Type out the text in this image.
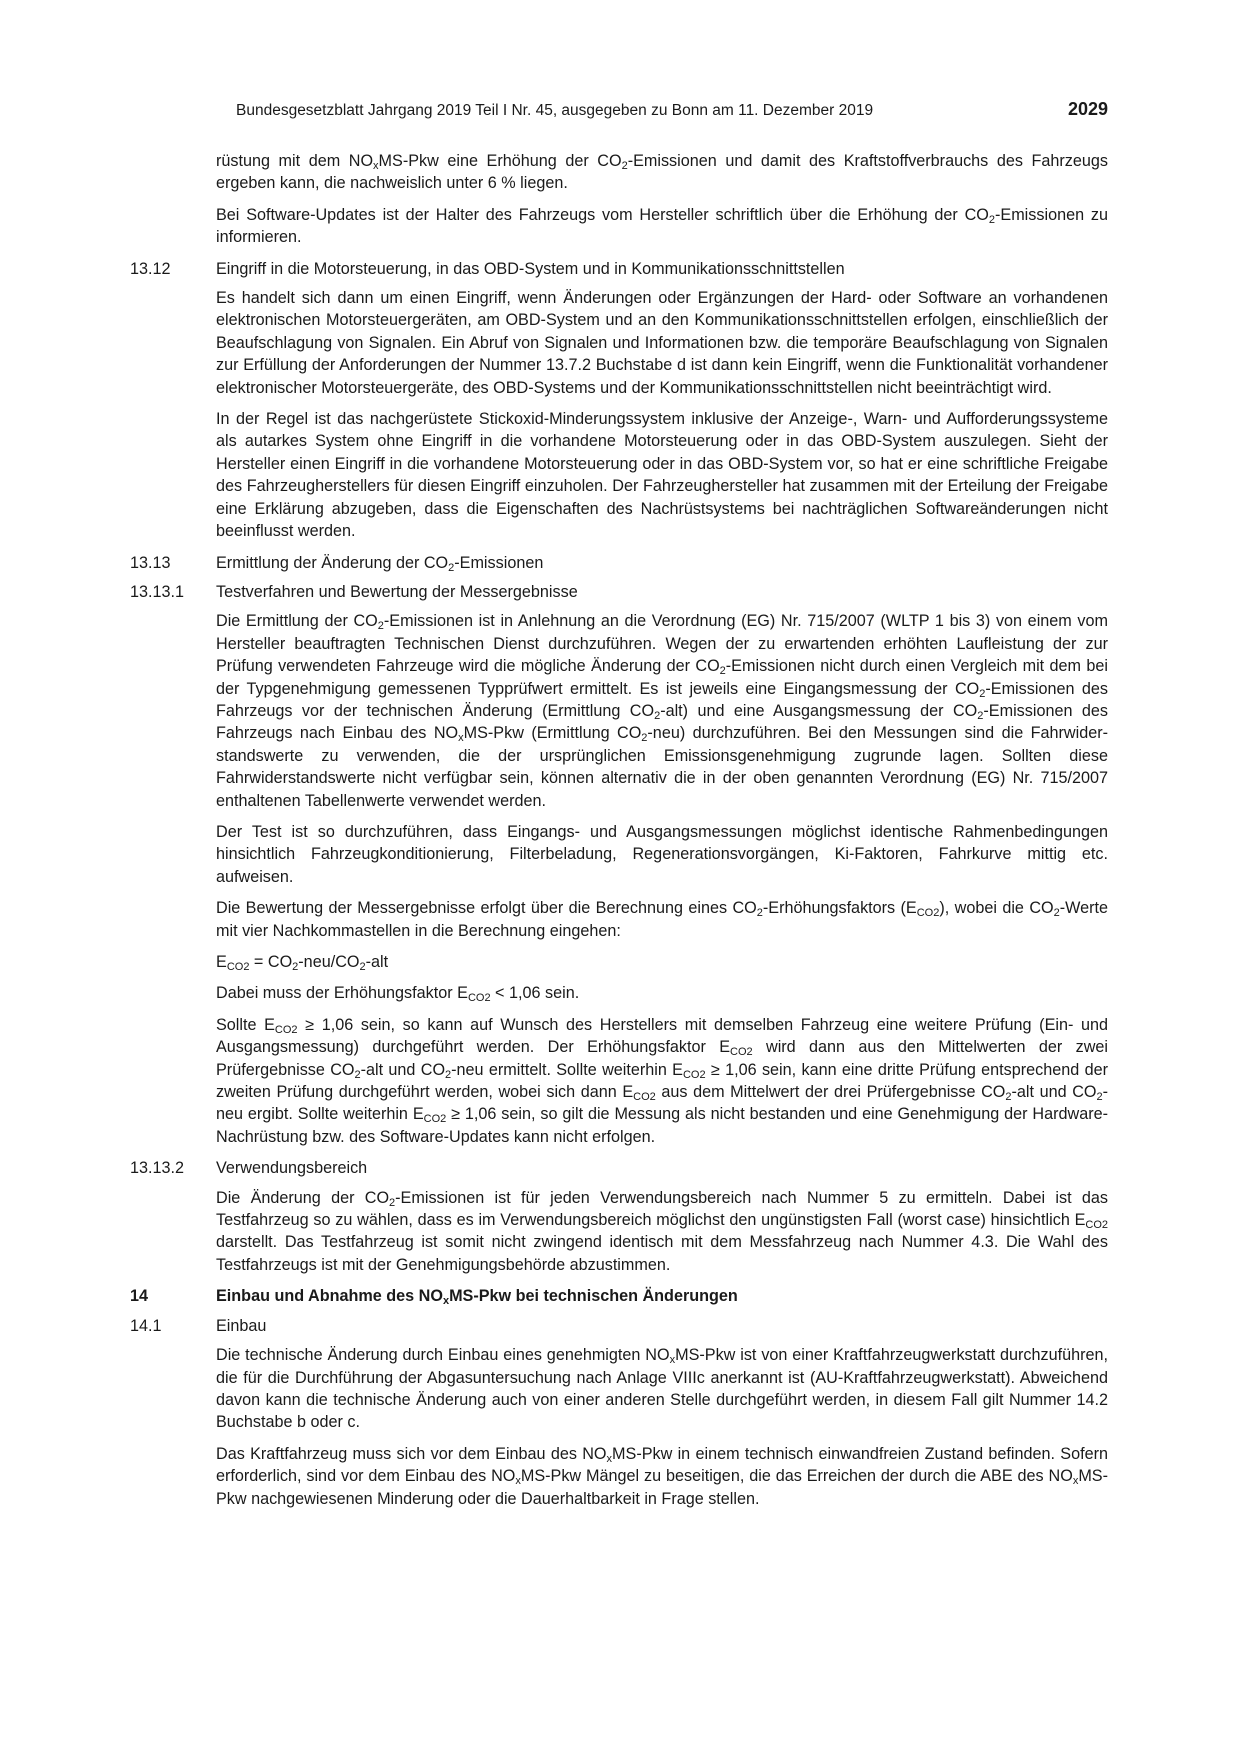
Bundesgesetzblatt Jahrgang 2019 Teil I Nr. 45, ausgegeben zu Bonn am 11. Dezember 2019	2029
rüstung mit dem $NO_xMS$-Pkw eine Erhöhung der $CO_2$-Emissionen und damit des Kraftstoffverbrauchs des Fahrzeugs ergeben kann, die nachweislich unter 6 % liegen.
Bei Software-Updates ist der Halter des Fahrzeugs vom Hersteller schriftlich über die Erhöhung der $CO_2$-Emissionen zu informieren.
13.12	Eingriff in die Motorsteuerung, in das OBD-System und in Kommunikationsschnittstellen
Es handelt sich dann um einen Eingriff, wenn Änderungen oder Ergänzungen der Hard- oder Software an vorhandenen elektronischen Motorsteuergeräten, am OBD-System und an den Kommunikationsschnittstellen erfolgen, einschließlich der Beaufschlagung von Signalen. Ein Abruf von Signalen und Informationen bzw. die temporäre Beaufschlagung von Signalen zur Erfüllung der Anforderungen der Nummer 13.7.2 Buchstabe d ist dann kein Eingriff, wenn die Funktionalität vorhandener elektronischer Motorsteuergeräte, des OBD-Systems und der Kommunikationsschnittstellen nicht beeinträchtigt wird.
In der Regel ist das nachgerüstete Stickoxid-Minderungssystem inklusive der Anzeige-, Warn- und Aufforderungssysteme als autarkes System ohne Eingriff in die vorhandene Motorsteuerung oder in das OBD-System auszulegen. Sieht der Hersteller einen Eingriff in die vorhandene Motorsteuerung oder in das OBD-System vor, so hat er eine schriftliche Freigabe des Fahrzeugherstellers für diesen Eingriff einzuholen. Der Fahrzeughersteller hat zusammen mit der Erteilung der Freigabe eine Erklärung abzugeben, dass die Eigenschaften des Nachrüstsystems bei nachträglichen Softwareänderungen nicht beeinflusst werden.
13.13	Ermittlung der Änderung der $CO_2$-Emissionen
13.13.1	Testverfahren und Bewertung der Messergebnisse
Die Ermittlung der $CO_2$-Emissionen ist in Anlehnung an die Verordnung (EG) Nr. 715/2007 (WLTP 1 bis 3) von einem vom Hersteller beauftragten Technischen Dienst durchzuführen. Wegen der zu erwartenden erhöhten Laufleistung der zur Prüfung verwendeten Fahrzeuge wird die mögliche Änderung der $CO_2$-Emissionen nicht durch einen Vergleich mit dem bei der Typgenehmigung gemessenen Typprüfwert ermittelt. Es ist jeweils eine Eingangsmessung der $CO_2$-Emissionen des Fahrzeugs vor der technischen Änderung (Ermittlung $CO_2-alt$) und eine Ausgangsmessung der $CO_2$-Emissionen des Fahrzeugs nach Einbau des $NO_xMS$-Pkw (Ermittlung $CO_2-neu$) durchzuführen. Bei den Messungen sind die Fahrwiderstandswerte zu verwenden, die der ursprünglichen Emissionsgenehmigung zugrunde lagen. Sollten diese Fahrwiderstandswerte nicht verfügbar sein, können alternativ die in der oben genannten Verordnung (EG) Nr. 715/2007 enthaltenen Tabellenwerte verwendet werden.
Der Test ist so durchzuführen, dass Eingangs- und Ausgangsmessungen möglichst identische Rahmenbedingungen hinsichtlich Fahrzeugkonditionierung, Filterbeladung, Regenerationsvorgängen, Ki-Faktoren, Fahrkurve mittig etc. aufweisen.
Die Bewertung der Messergebnisse erfolgt über die Berechnung eines $CO_2$-Erhöhungsfaktors $(E_{CO2})$, wobei die $CO_2$-Werte mit vier Nachkommastellen in die Berechnung eingehen:
$E_{CO2} = CO_2-neu/CO_2-alt$
Dabei muss der Erhöhungsfaktor $E_{CO2} < 1,06$ sein.
Sollte $E_{CO2} \ge 1,06$ sein, so kann auf Wunsch des Herstellers mit demselben Fahrzeug eine weitere Prüfung (Ein- und Ausgangsmessung) durchgeführt werden. Der Erhöhungsfaktor $E_{CO2}$ wird dann aus den Mittelwerten der zwei Prüfergebnisse $CO_2$-alt und $CO_2$-neu ermittelt. Sollte weiterhin $E_{CO2} \ge 1,06$ sein, kann eine dritte Prüfung entsprechend der zweiten Prüfung durchgeführt werden, wobei sich dann $E_{CO2}$ aus dem Mittelwert der drei Prüfergebnisse $CO_2$-alt und $CO_2$-neu ergibt. Sollte weiterhin $E_{CO2} \ge 1,06$ sein, so gilt die Messung als nicht bestanden und eine Genehmigung der Hardware-Nachrüstung bzw. des Software-Updates kann nicht erfolgen.
13.13.2	Verwendungsbereich
Die Änderung der $CO_2$-Emissionen ist für jeden Verwendungsbereich nach Nummer 5 zu ermitteln. Dabei ist das Testfahrzeug so zu wählen, dass es im Verwendungsbereich möglichst den ungünstigsten Fall (worst case) hinsichtlich $E_{CO2}$ darstellt. Das Testfahrzeug ist somit nicht zwingend identisch mit dem Messfahrzeug nach Nummer 4.3. Die Wahl des Testfahrzeugs ist mit der Genehmigungsbehörde abzustimmen.
14	Einbau und Abnahme des $NO_xMS$-Pkw bei technischen Änderungen
14.1	Einbau
Die technische Änderung durch Einbau eines genehmigten $NO_xMS$-Pkw ist von einer Kraftfahrzeugwerkstatt durchzuführen, die für die Durchführung der Abgasuntersuchung nach Anlage VIIIc anerkannt ist (AU-Kraftfahrzeugwerkstatt). Abweichend davon kann die technische Änderung auch von einer anderen Stelle durchgeführt werden, in diesem Fall gilt Nummer 14.2 Buchstabe b oder c.
Das Kraftfahrzeug muss sich vor dem Einbau des $NO_xMS$-Pkw in einem technisch einwandfreien Zustand befinden. Sofern erforderlich, sind vor dem Einbau des $NO_xMS$-Pkw Mängel zu beseitigen, die das Erreichen der durch die ABE des $NO_xMS$-Pkw nachgewiesenen Minderung oder die Dauerhaltbarkeit in Frage stellen.
